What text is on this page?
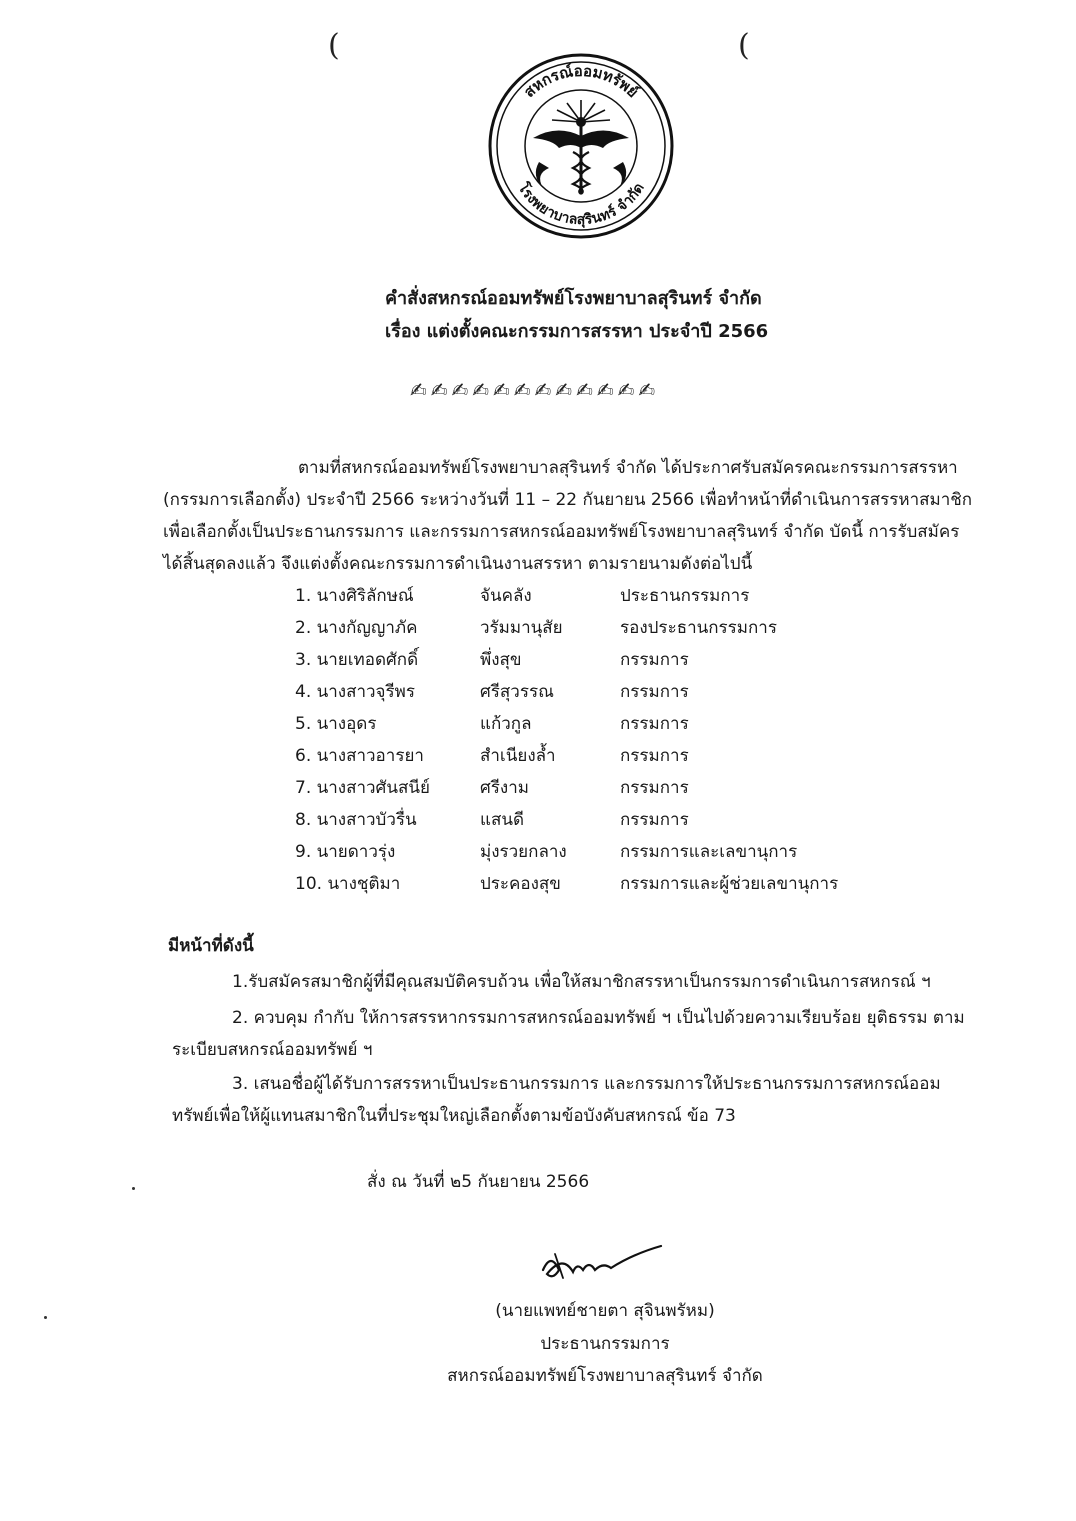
(	(
สหกรณ์ออมทรัพย์
โรงพยาบาลสุรินทร์ จำกัด
คำสั่งสหกรณ์ออมทรัพย์โรงพยาบาลสุรินทร์ จำกัด
เรื่อง แต่งตั้งคณะกรรมการสรรหา ประจำปี 2566
✍✍✍✍✍✍✍✍✍✍✍✍
ตามที่สหกรณ์ออมทรัพย์โรงพยาบาลสุรินทร์ จำกัด ได้ประกาศรับสมัครคณะกรรมการสรรหา
(กรรมการเลือกตั้ง) ประจำปี 2566 ระหว่างวันที่ 11 – 22 กันยายน 2566 เพื่อทำหน้าที่ดำเนินการสรรหาสมาชิก
เพื่อเลือกตั้งเป็นประธานกรรมการ และกรรมการสหกรณ์ออมทรัพย์โรงพยาบาลสุรินทร์ จำกัด บัดนี้ การรับสมัคร
ได้สิ้นสุดลงแล้ว จึงแต่งตั้งคณะกรรมการดำเนินงานสรรหา ตามรายนามดังต่อไปนี้
1. นางศิริลักษณ์	จันคลัง	ประธานกรรมการ
2. นางกัญญาภัค	วรัมมานุสัย	รองประธานกรรมการ
3. นายเทอดศักดิ์	พึ่งสุข	กรรมการ
4. นางสาวจุรีพร	ศรีสุวรรณ	กรรมการ
5. นางอุดร	แก้วกูล	กรรมการ
6. นางสาวอารยา	สำเนียงล้ำ	กรรมการ
7. นางสาวศันสนีย์	ศรีงาม	กรรมการ
8. นางสาวบัวรื่น	แสนดี	กรรมการ
9. นายดาวรุ่ง	มุ่งรวยกลาง	กรรมการและเลขานุการ
10. นางชุติมา	ประคองสุข	กรรมการและผู้ช่วยเลขานุการ
มีหน้าที่ดังนี้
1.รับสมัครสมาชิกผู้ที่มีคุณสมบัติครบถ้วน เพื่อให้สมาชิกสรรหาเป็นกรรมการดำเนินการสหกรณ์ ฯ
2. ควบคุม กำกับ ให้การสรรหากรรมการสหกรณ์ออมทรัพย์ ฯ เป็นไปด้วยความเรียบร้อย ยุติธรรม ตาม
ระเบียบสหกรณ์ออมทรัพย์ ฯ
3. เสนอชื่อผู้ได้รับการสรรหาเป็นประธานกรรมการ และกรรมการให้ประธานกรรมการสหกรณ์ออม
ทรัพย์เพื่อให้ผู้แทนสมาชิกในที่ประชุมใหญ่เลือกตั้งตามข้อบังคับสหกรณ์ ข้อ 73
สั่ง ณ วันที่ ๒5 กันยายน 2566
(นายแพทย์ชายตา สุจินพรัหม)
ประธานกรรมการ
สหกรณ์ออมทรัพย์โรงพยาบาลสุรินทร์ จำกัด
